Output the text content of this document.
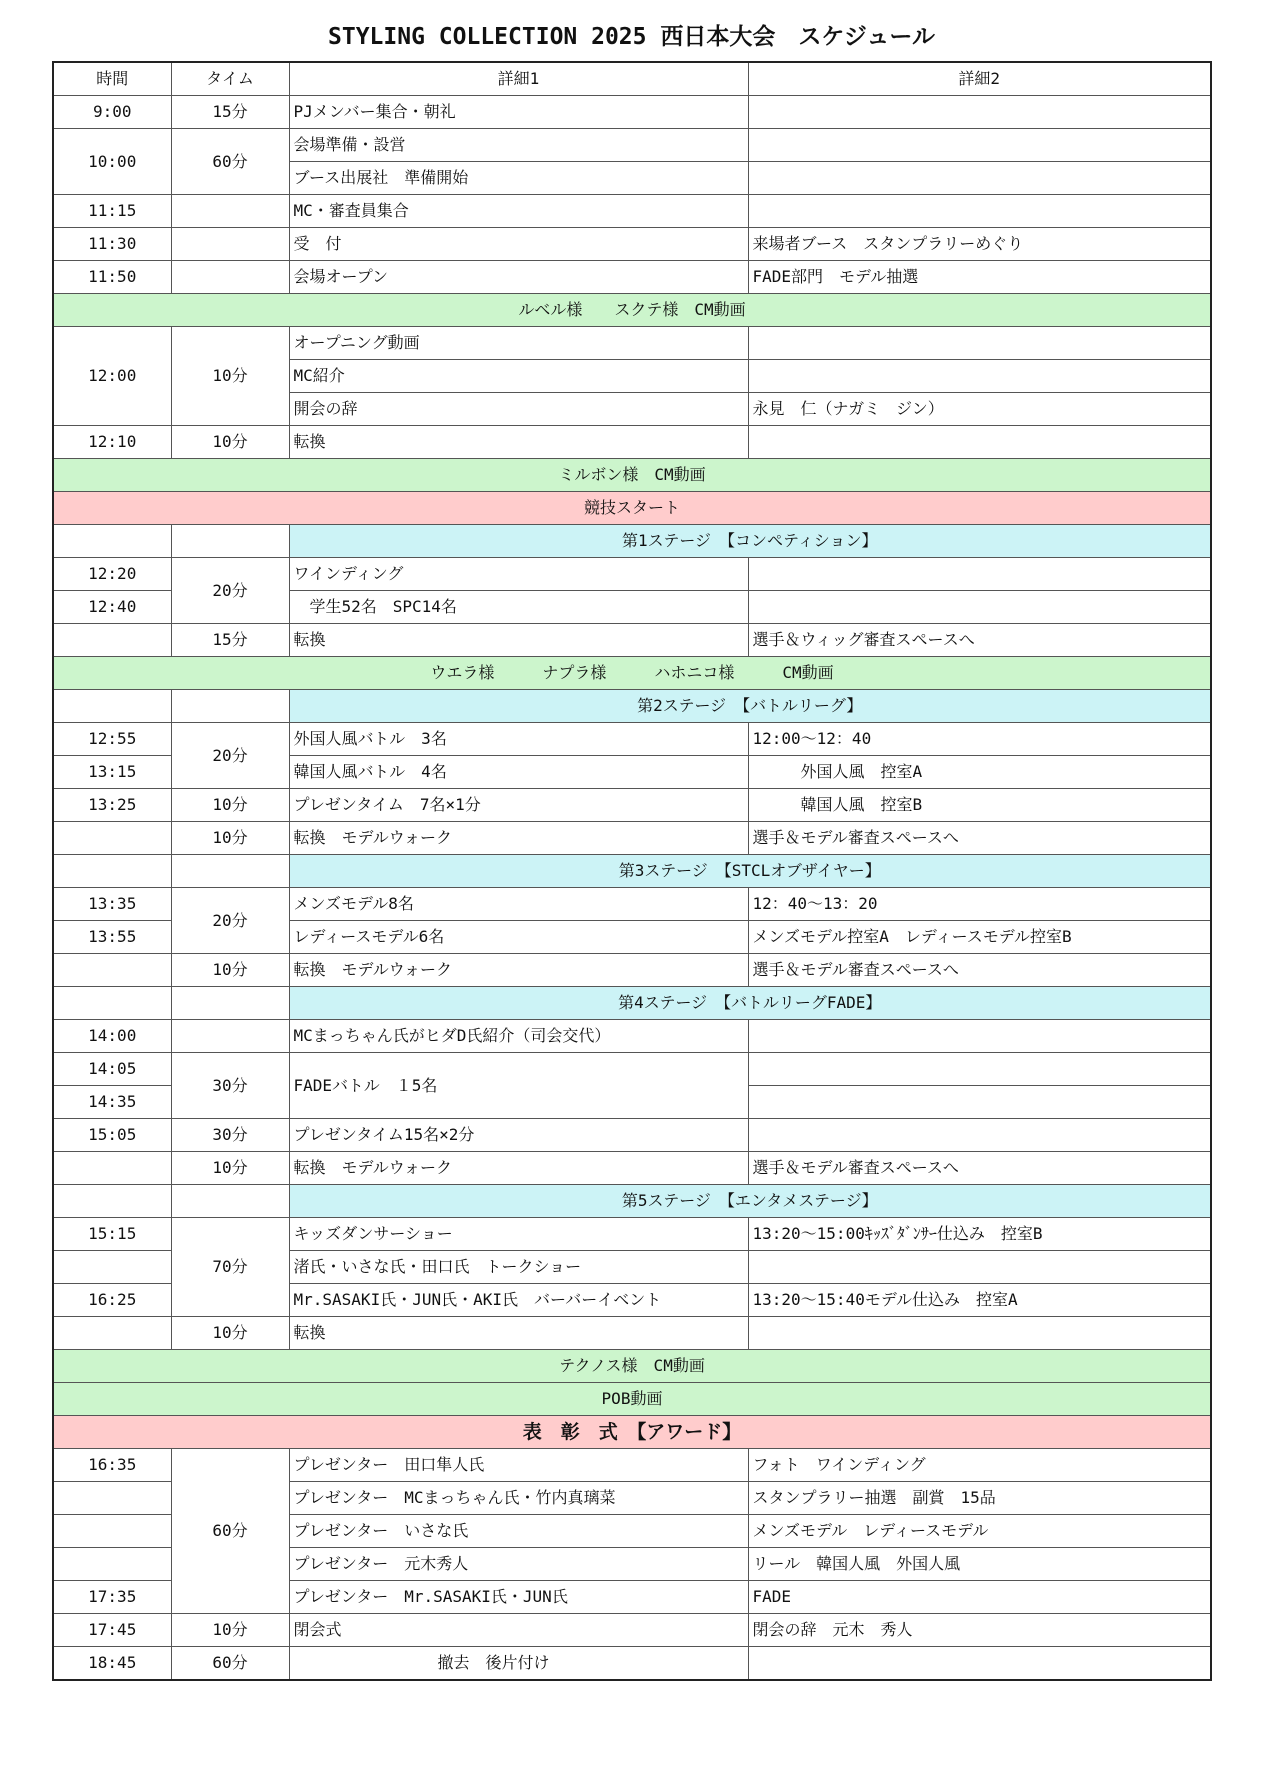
STYLING COLLECTION 2025 西日本大会　スケジュール
時間	タイム	詳細1	詳細2
9:00	15分	PJメンバー集合・朝礼	
10:00	60分	会場準備・設営	
		ブース出展社　準備開始	
11:15		MC・審査員集合	
11:30		受　付	来場者ブース　スタンプラリーめぐり
11:50		会場オープン	FADE部門　モデル抽選
ルベル様　　スクテ様　CM動画			
12:00	10分	オープニング動画	
		MC紹介	
		開会の辞	永見　仁（ナガミ　ジン）
12:10	10分	転換	
ミルボン様　CM動画			
競技スタート			
		第1ステージ　【コンペティション】	
12:20	20分	ワインディング	
12:40		　学生52名　SPC14名	
	15分	転換	選手＆ウィッグ審査スペースへ
ウエラ様　　　ナプラ様　　　ハホニコ様　　　CM動画			
		第2ステージ　【バトルリーグ】	
12:55	20分	外国人風バトル　3名	12:00〜12：40
13:15		韓国人風バトル　4名	　　　外国人風　控室A
13:25	10分	プレゼンタイム　7名×1分	　　　韓国人風　控室B
	10分	転換　モデルウォーク	選手＆モデル審査スペースへ
		第3ステージ　【STCLオブザイヤー】	
13:35	20分	メンズモデル8名	12：40〜13：20
13:55		レディースモデル6名	メンズモデル控室A　レディースモデル控室B
	10分	転換　モデルウォーク	選手＆モデル審査スペースへ
		第4ステージ　【バトルリーグFADE】	
14:00		MCまっちゃん氏がヒダD氏紹介（司会交代）	
14:05	30分	FADEバトル　１5名	
14:35			
15:05	30分	プレゼンタイム15名×2分	
	10分	転換　モデルウォーク	選手＆モデル審査スペースへ
		第5ステージ　【エンタメステージ】	
15:15	70分	キッズダンサーショー	13:20〜15:00ｷｯｽﾞﾀﾞﾝｻｰ仕込み　控室B
		渚氏・いさな氏・田口氏　トークショー	
16:25		Mr.SASAKI氏・JUN氏・AKI氏　バーバーイベント	13:20〜15:40モデル仕込み　控室A
	10分	転換	
テクノス様　CM動画			
POB動画			
表　彰　式　【アワード】			
16:35	60分	プレゼンター　田口隼人氏	フォト　ワインディング
		プレゼンター　MCまっちゃん氏・竹内真璃菜	スタンプラリー抽選　副賞　15品
		プレゼンター　いさな氏	メンズモデル　レディースモデル
		プレゼンター　元木秀人	リール　韓国人風　外国人風
17:35		プレゼンター　Mr.SASAKI氏・JUN氏	FADE
17:45	10分	閉会式	閉会の辞　元木　秀人
18:45	60分	　　　　　　　　　撤去　後片付け	
